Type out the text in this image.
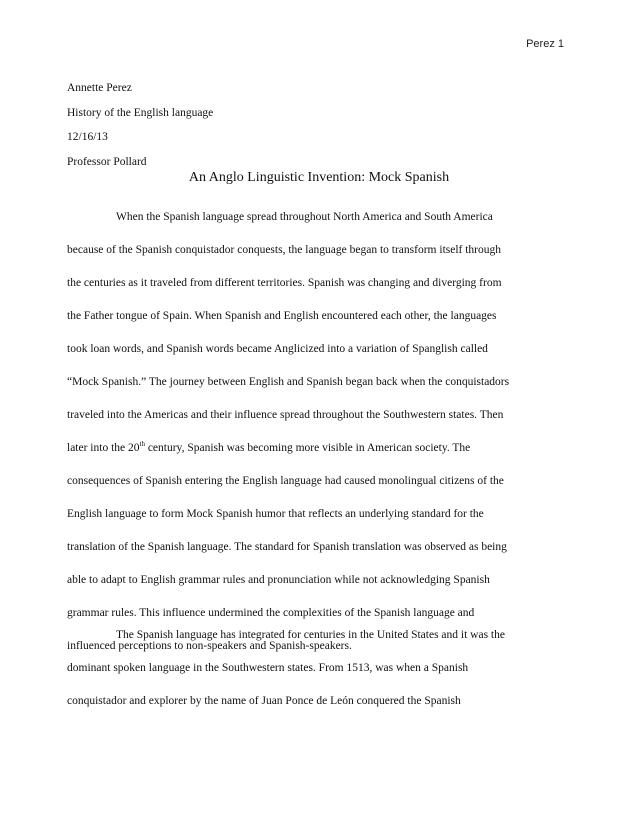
Perez 1
Annette Perez
History of the English language
12/16/13
Professor Pollard
An Anglo Linguistic Invention: Mock Spanish
When the Spanish language spread throughout North America and South America
because of the Spanish conquistador conquests, the language began to transform itself through
the centuries as it traveled from different territories. Spanish was changing and diverging from
the Father tongue of Spain. When Spanish and English encountered each other, the languages
took loan words, and Spanish words became Anglicized into a variation of Spanglish called
“Mock Spanish.” The journey between English and Spanish began back when the conquistadors
traveled into the Americas and their influence spread throughout the Southwestern states. Then
later into the 20th century, Spanish was becoming more visible in American society. The
consequences of Spanish entering the English language had caused monolingual citizens of the
English language to form Mock Spanish humor that reflects an underlying standard for the
translation of the Spanish language. The standard for Spanish translation was observed as being
able to adapt to English grammar rules and pronunciation while not acknowledging Spanish
grammar rules. This influence undermined the complexities of the Spanish language and
influenced perceptions to non-speakers and Spanish-speakers.
The Spanish language has integrated for centuries in the United States and it was the
dominant spoken language in the Southwestern states. From 1513, was when a Spanish
conquistador and explorer by the name of Juan Ponce de León conquered the Spanish
